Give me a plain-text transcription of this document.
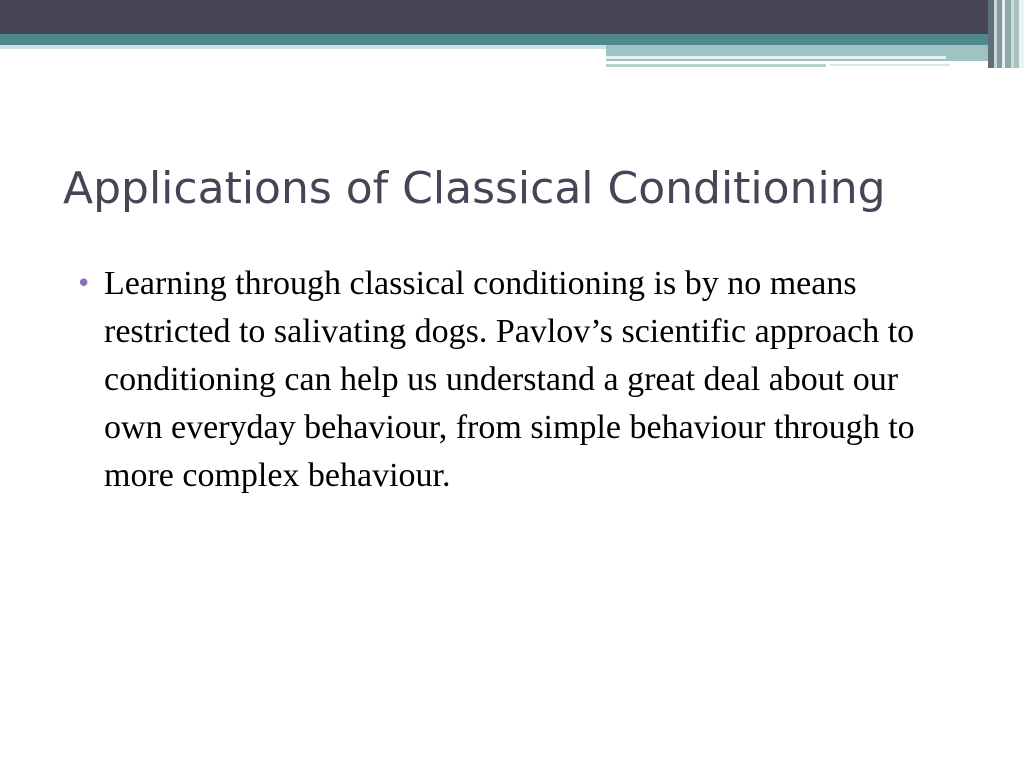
Applications of Classical Conditioning
• Learning through classical conditioning is by no means restricted to salivating dogs. Pavlov’s scientific approach to conditioning can help us understand a great deal about our own everyday behaviour, from simple behaviour through to more complex behaviour.
